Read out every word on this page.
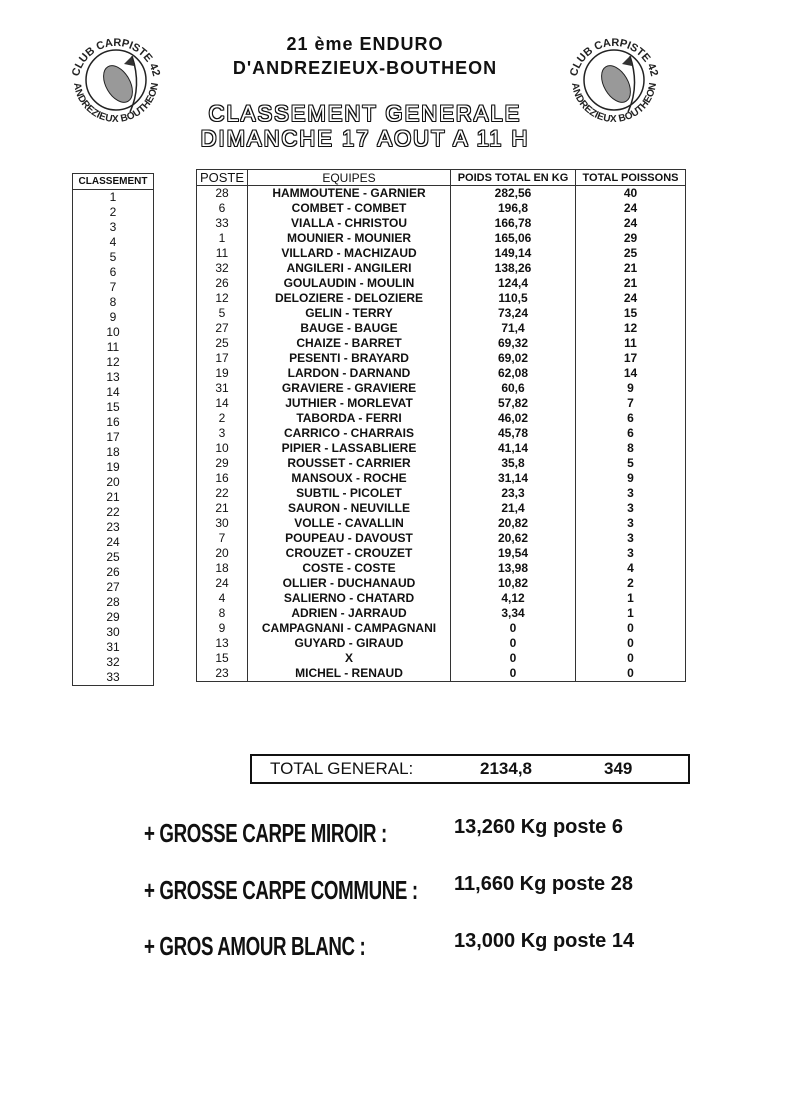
CLUB CARPISTE 42
ANDREZIEUX BOUTHEON
CLUB CARPISTE 42
ANDREZIEUX BOUTHEON
21 ème ENDURO
D'ANDREZIEUX-BOUTHEON
CLASSEMENT GENERALE
DIMANCHE 17 AOUT A 11 H
CLASSEMENT
1
2
3
4
5
6
7
8
9
10
11
12
13
14
15
16
17
18
19
20
21
22
23
24
25
26
27
28
29
30
31
32
33
POSTE	EQUIPES	POIDS TOTAL EN KG	TOTAL POISSONS
28	HAMMOUTENE - GARNIER	282,56	40
6	COMBET - COMBET	196,8	24
33	VIALLA - CHRISTOU	166,78	24
1	MOUNIER - MOUNIER	165,06	29
11	VILLARD - MACHIZAUD	149,14	25
32	ANGILERI - ANGILERI	138,26	21
26	GOULAUDIN - MOULIN	124,4	21
12	DELOZIERE - DELOZIERE	110,5	24
5	GELIN - TERRY	73,24	15
27	BAUGE - BAUGE	71,4	12
25	CHAIZE - BARRET	69,32	11
17	PESENTI - BRAYARD	69,02	17
19	LARDON - DARNAND	62,08	14
31	GRAVIERE - GRAVIERE	60,6	9
14	JUTHIER - MORLEVAT	57,82	7
2	TABORDA - FERRI	46,02	6
3	CARRICO - CHARRAIS	45,78	6
10	PIPIER - LASSABLIERE	41,14	8
29	ROUSSET - CARRIER	35,8	5
16	MANSOUX - ROCHE	31,14	9
22	SUBTIL - PICOLET	23,3	3
21	SAURON - NEUVILLE	21,4	3
30	VOLLE - CAVALLIN	20,82	3
7	POUPEAU - DAVOUST	20,62	3
20	CROUZET - CROUZET	19,54	3
18	COSTE - COSTE	13,98	4
24	OLLIER - DUCHANAUD	10,82	2
4	SALIERNO - CHATARD	4,12	1
8	ADRIEN - JARRAUD	3,34	1
9	CAMPAGNANI - CAMPAGNANI	0	0
13	GUYARD - GIRAUD	0	0
15	X	0	0
23	MICHEL - RENAUD	0	0
TOTAL GENERAL:	2134,8	349
+ GROSSE CARPE MIROIR :	13,260 Kg poste 6
+ GROSSE CARPE COMMUNE : 11,660 Kg poste 28
+ GROS AMOUR BLANC :	13,000 Kg poste 14
